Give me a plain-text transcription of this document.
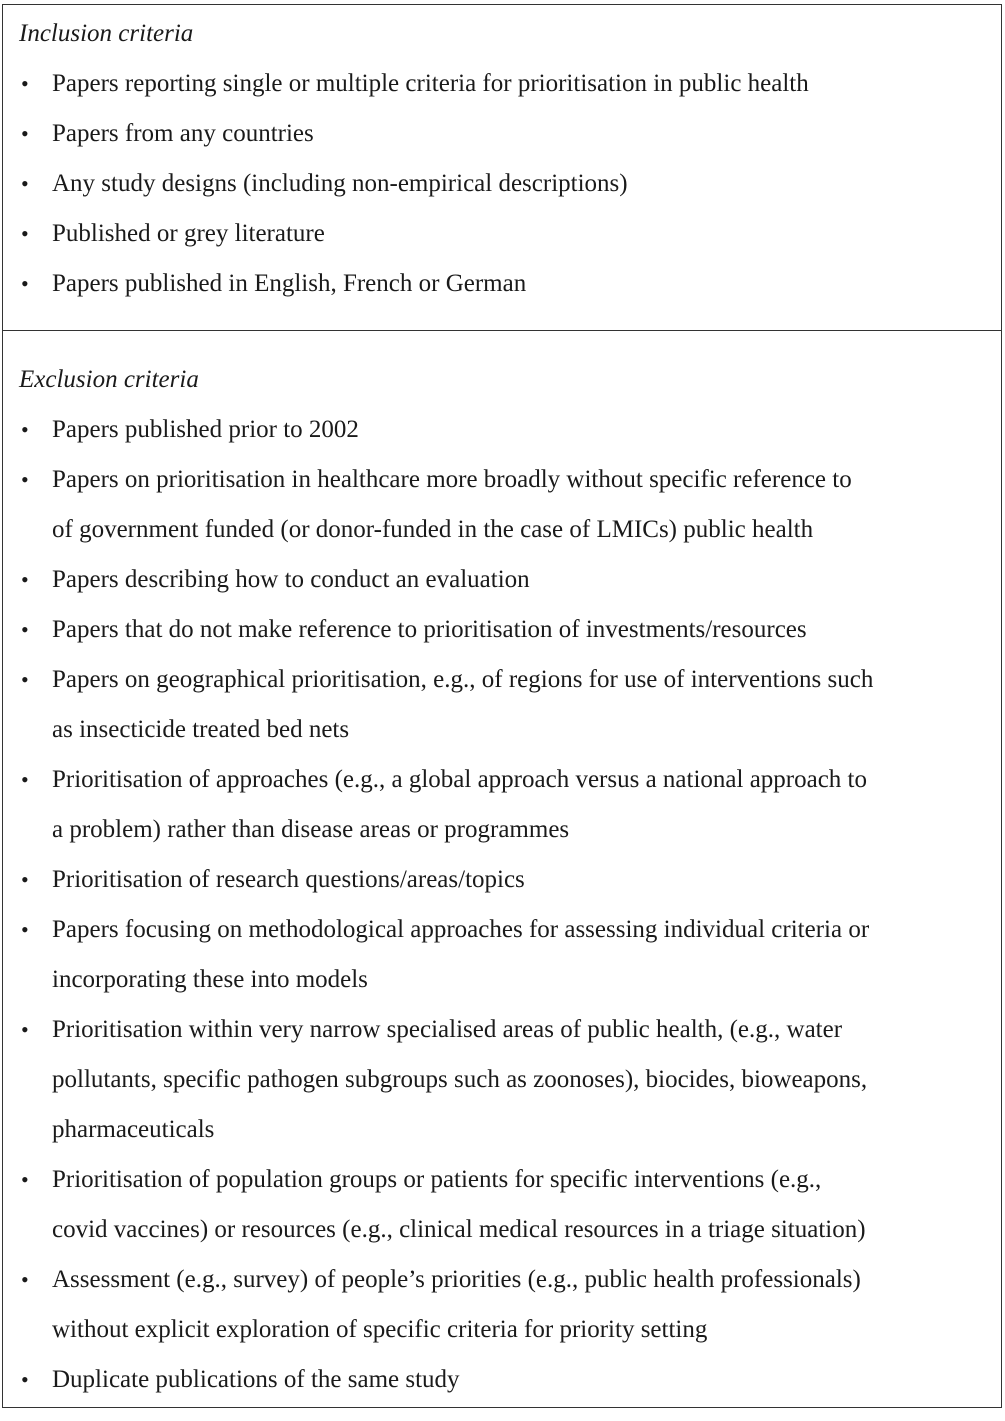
Inclusion criteria
• Papers reporting single or multiple criteria for prioritisation in public health
• Papers from any countries
• Any study designs (including non-empirical descriptions)
• Published or grey literature
• Papers published in English, French or German
Exclusion criteria
• Papers published prior to 2002
• Papers on prioritisation in healthcare more broadly without specific reference to
of government funded (or donor-funded in the case of LMICs) public health
• Papers describing how to conduct an evaluation
• Papers that do not make reference to prioritisation of investments/resources
• Papers on geographical prioritisation, e.g., of regions for use of interventions such
as insecticide treated bed nets
• Prioritisation of approaches (e.g., a global approach versus a national approach to
a problem) rather than disease areas or programmes
• Prioritisation of research questions/areas/topics
• Papers focusing on methodological approaches for assessing individual criteria or
incorporating these into models
• Prioritisation within very narrow specialised areas of public health, (e.g., water
pollutants, specific pathogen subgroups such as zoonoses), biocides, bioweapons,
pharmaceuticals
• Prioritisation of population groups or patients for specific interventions (e.g.,
covid vaccines) or resources (e.g., clinical medical resources in a triage situation)
• Assessment (e.g., survey) of people’s priorities (e.g., public health professionals)
without explicit exploration of specific criteria for priority setting
• Duplicate publications of the same study
